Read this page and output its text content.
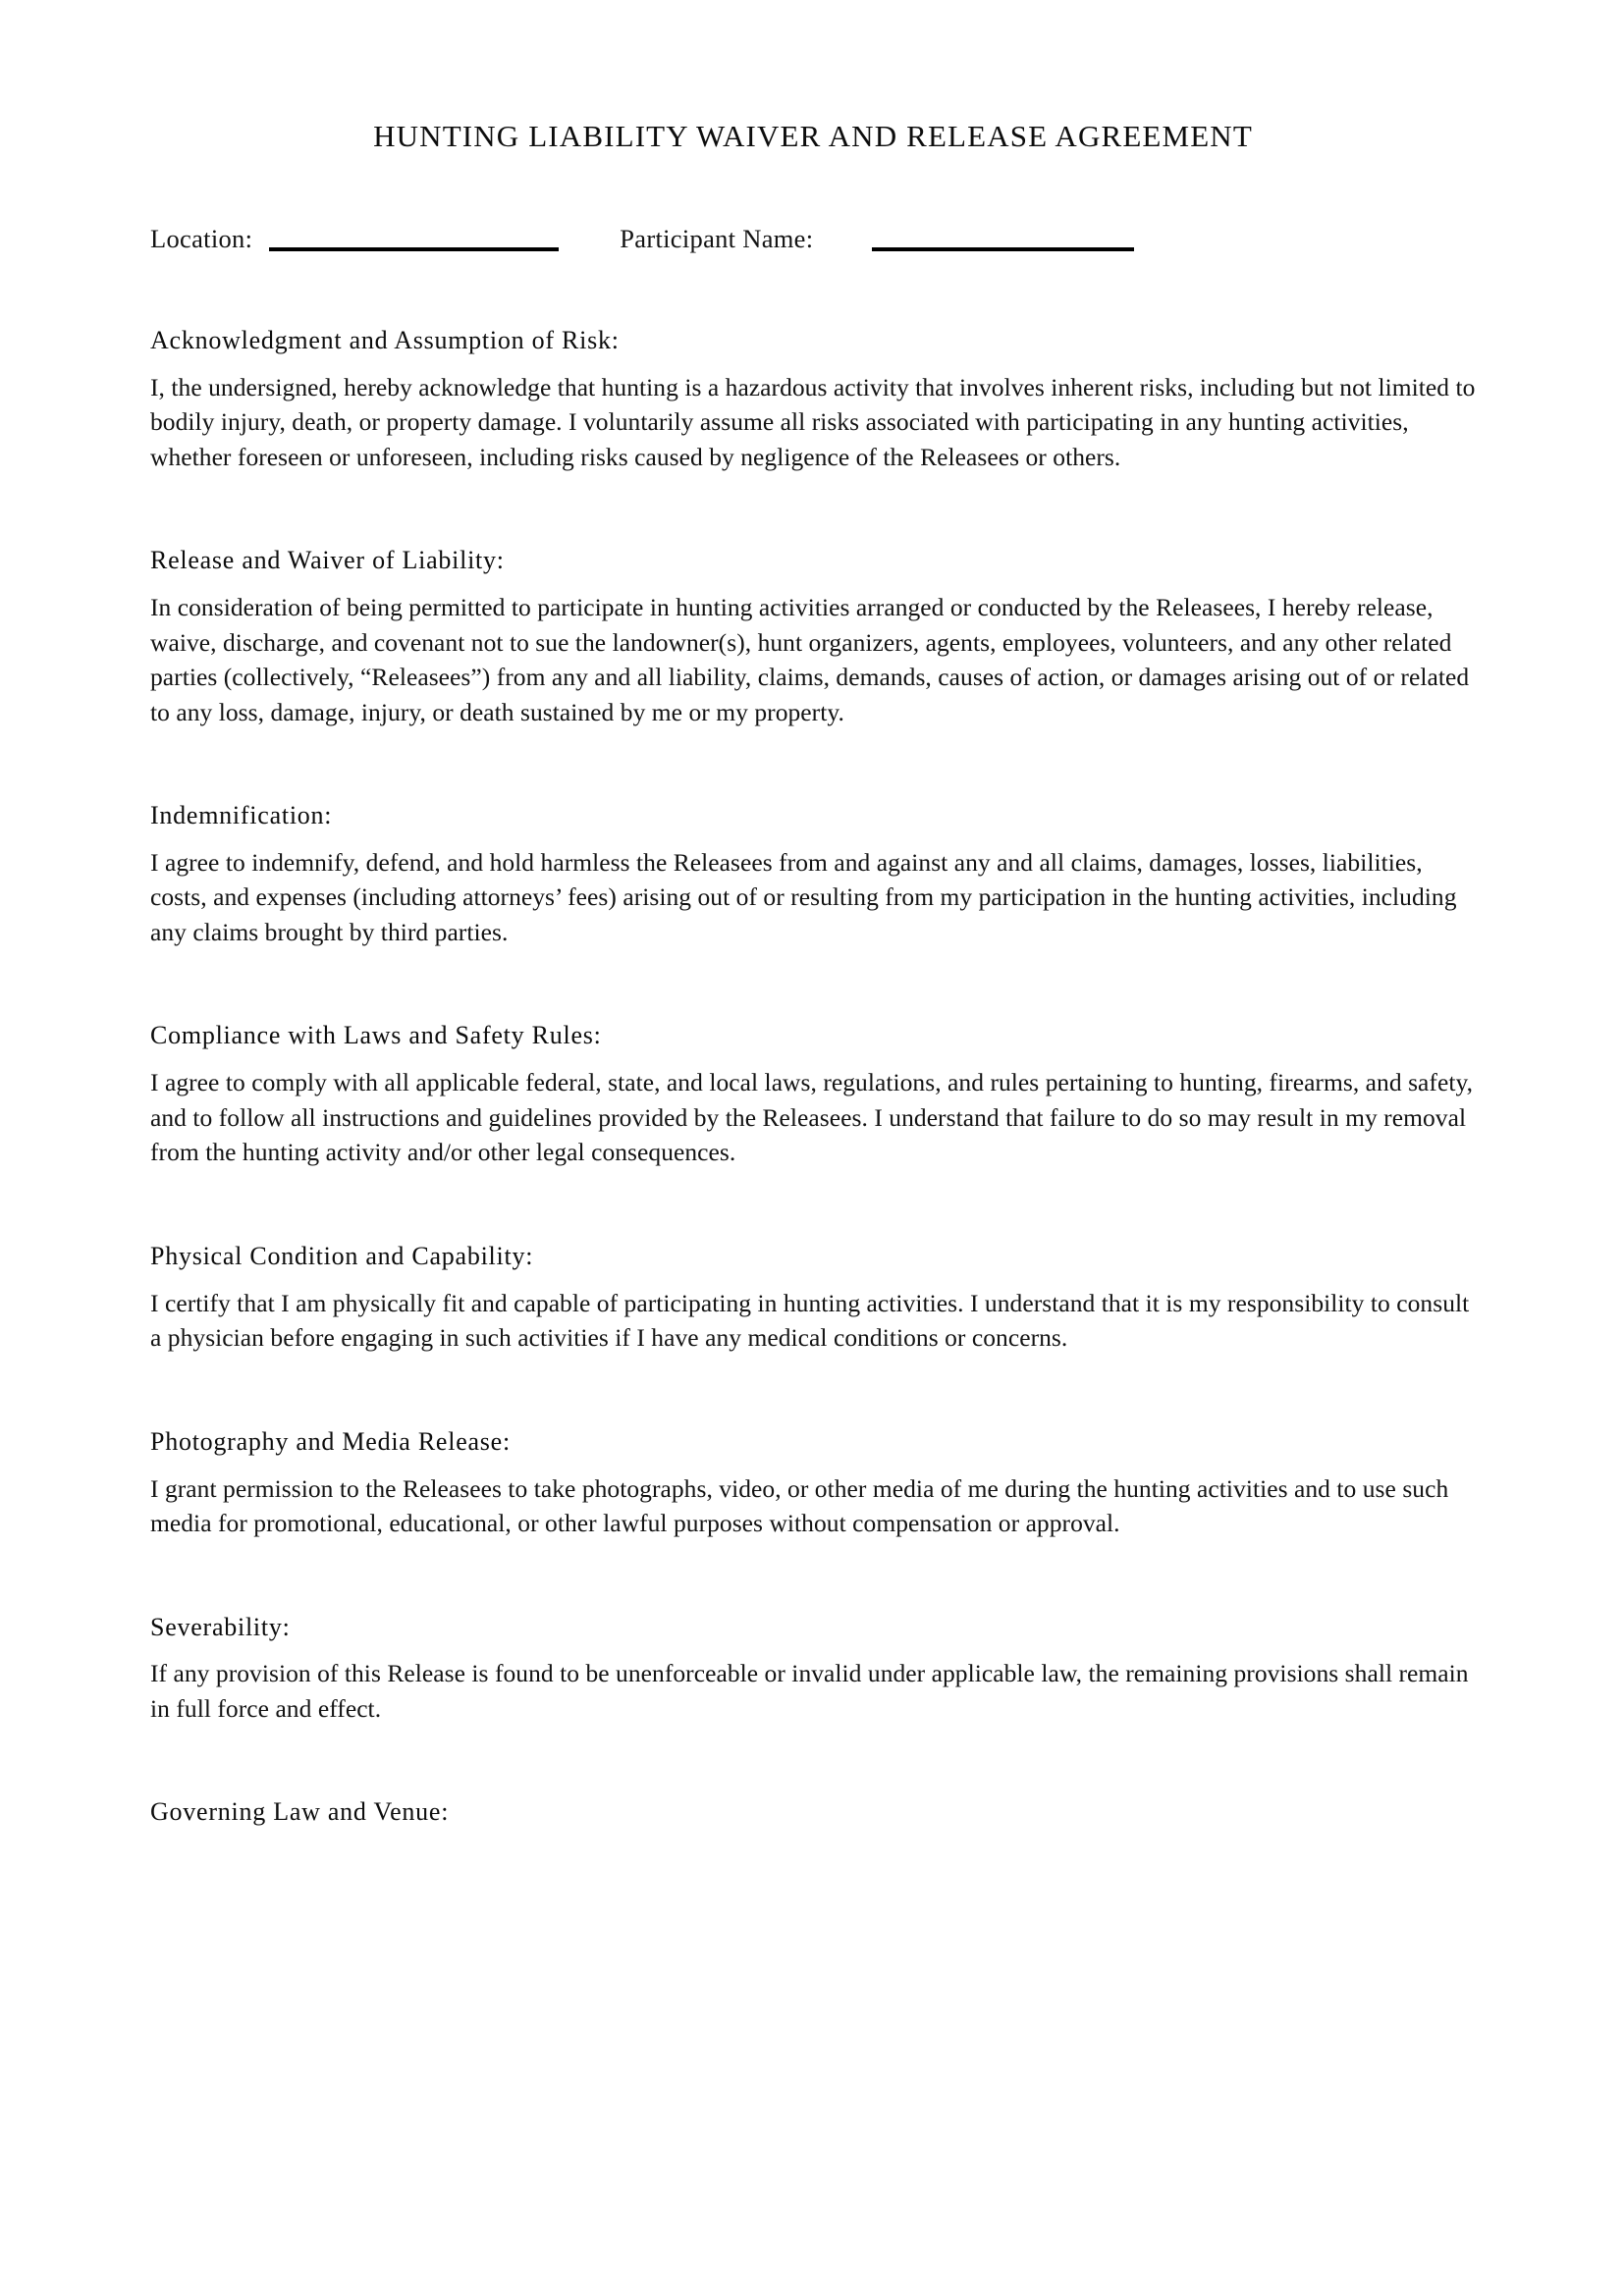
HUNTING LIABILITY WAIVER AND RELEASE AGREEMENT
Location:	Participant Name:
Acknowledgment and Assumption of Risk:

I, the undersigned, hereby acknowledge that hunting is a hazardous activity that involves inherent risks, including but not limited to bodily injury, death, or property damage. I voluntarily assume all risks associated with participating in any hunting activities, whether foreseen or unforeseen, including risks caused by negligence of the Releasees or others.

Release and Waiver of Liability:

In consideration of being permitted to participate in hunting activities arranged or conducted by the Releasees, I hereby release, waive, discharge, and covenant not to sue the landowner(s), hunt organizers, agents, employees, volunteers, and any other related parties (collectively, “Releasees”) from any and all liability, claims, demands, causes of action, or damages arising out of or related to any loss, damage, injury, or death sustained by me or my property.

Indemnification:

I agree to indemnify, defend, and hold harmless the Releasees from and against any and all claims, damages, losses, liabilities, costs, and expenses (including attorneys’ fees) arising out of or resulting from my participation in the hunting activities, including any claims brought by third parties.

Compliance with Laws and Safety Rules:

I agree to comply with all applicable federal, state, and local laws, regulations, and rules pertaining to hunting, firearms, and safety, and to follow all instructions and guidelines provided by the Releasees. I understand that failure to do so may result in my removal from the hunting activity and/or other legal consequences.

Physical Condition and Capability:

I certify that I am physically fit and capable of participating in hunting activities. I understand that it is my responsibility to consult a physician before engaging in such activities if I have any medical conditions or concerns.

Photography and Media Release:

I grant permission to the Releasees to take photographs, video, or other media of me during the hunting activities and to use such media for promotional, educational, or other lawful purposes without compensation or approval.

Severability:

If any provision of this Release is found to be unenforceable or invalid under applicable law, the remaining provisions shall remain in full force and effect.

Governing Law and Venue:
